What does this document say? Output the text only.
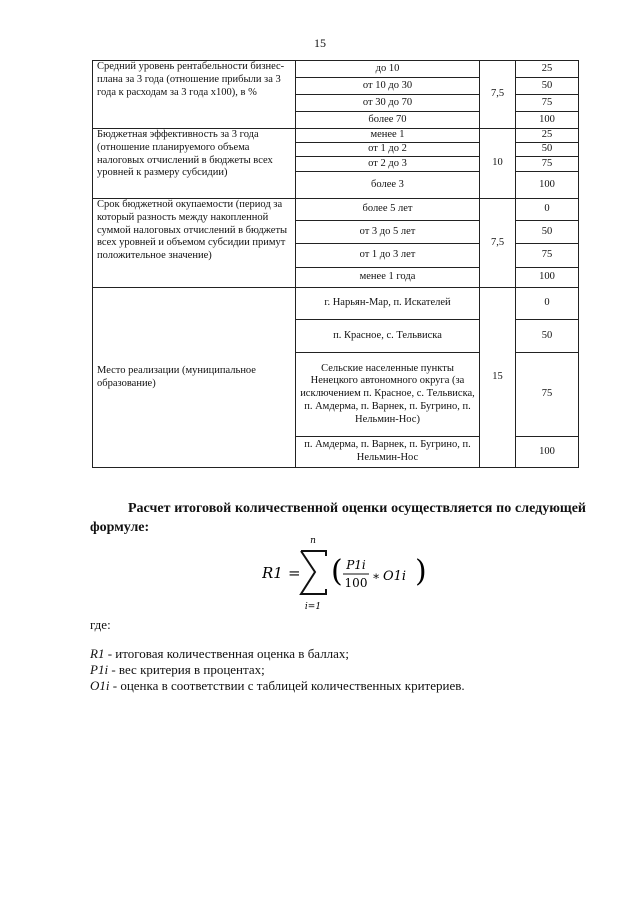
15
Средний уровень рентабельности бизнес-плана за 3 года (отношение прибыли за 3 года к расходам за 3 года х100), в %	до 10	7,5	25
	от 10 до 30		50
	от 30 до 70		75
	более 70		100
Бюджетная эффективность за 3 года (отношение планируемого объема налоговых отчислений в бюджеты всех уровней к размеру субсидии)	менее 1	10	25
	от 1 до 2		50
	от 2 до 3		75
	более 3		100
Срок бюджетной окупаемости (период за который разность между накопленной суммой налоговых отчислений в бюджеты всех уровней и объемом субсидии примут положительное значение)	более 5 лет	7,5	0
	от 3 до 5 лет		50
	от 1 до 3 лет		75
	менее 1 года		100
Место реализации (муниципальное образование)	г. Нарьян-Мар, п. Искателей	15	0
	п. Красное, с. Тельвиска		50
	Сельские населенные пункты Ненецкого автономного округа (за исключением п. Красное, с. Тельвиска, п. Амдерма, п. Варнек, п. Бугрино, п. Нельмин-Нос)		75
	п. Амдерма, п. Варнек, п. Бугрино, п. Нельмин-Нос		100

Расчет итоговой количественной оценки осуществляется по следующей формуле:

R1 =
n
i=1
( P1i
100 ∗ O1i )

где:

R1 - итоговая количественная оценка в баллах;
P1i - вес критерия в процентах;
O1i - оценка в соответствии с таблицей количественных критериев.
